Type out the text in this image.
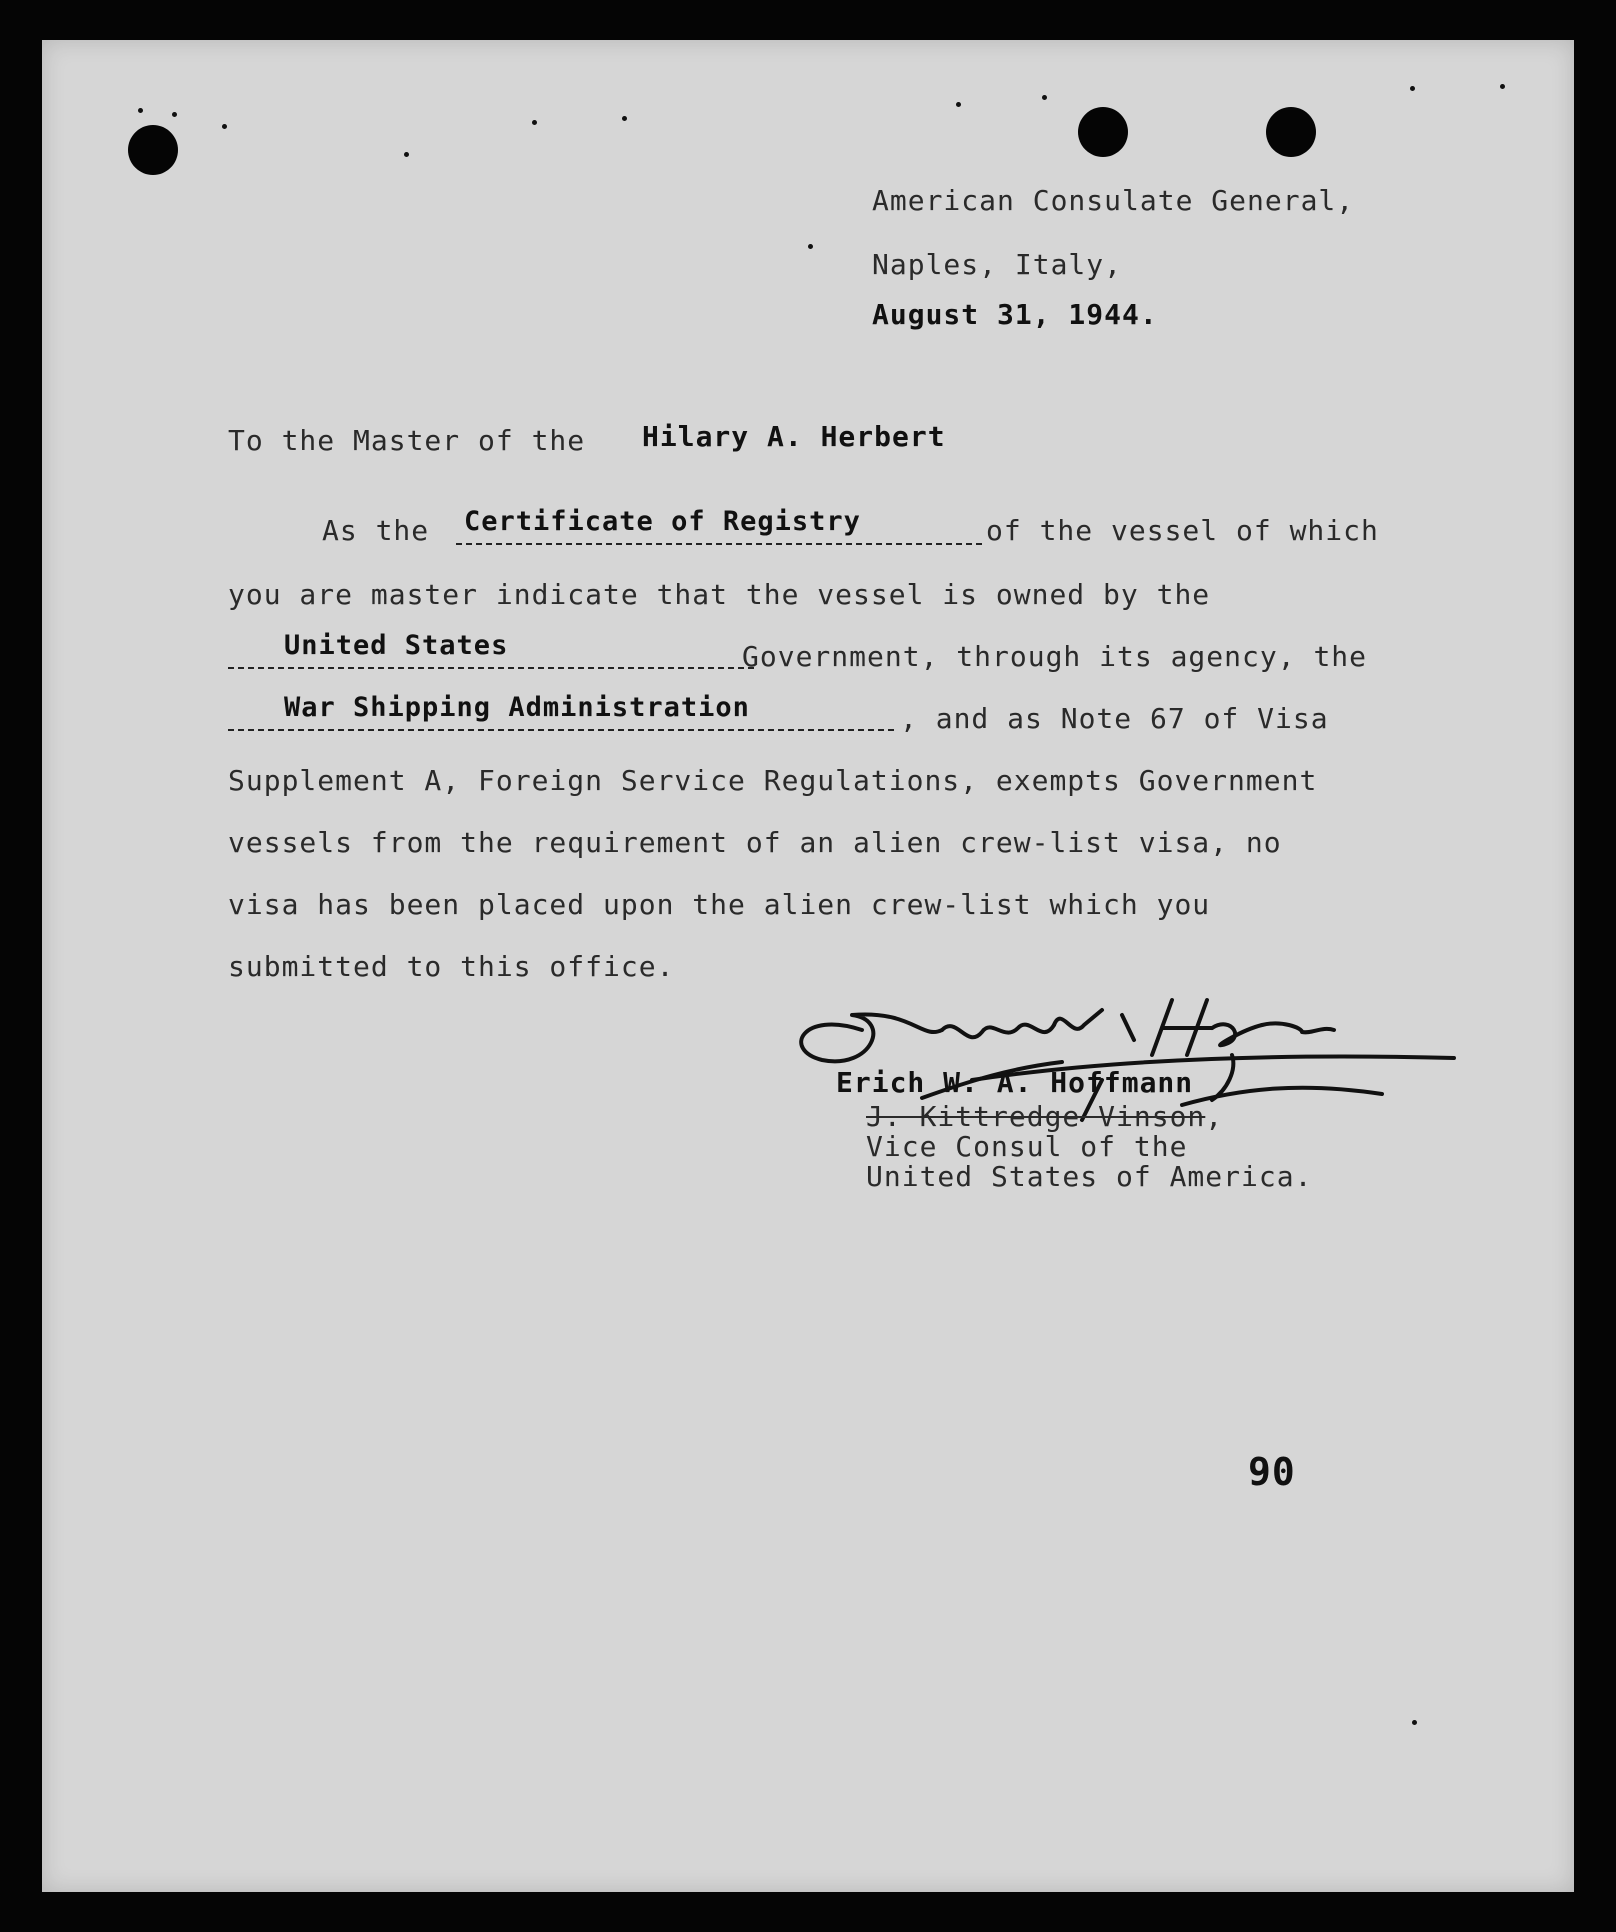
American Consulate General,
Naples, Italy,
August 31, 1944.
To the Master of the Hilary A. Herbert
As the Certificate of Registry	of the vessel of which
you are master indicate that the vessel is owned by the
United States	Government, through its agency, the
War Shipping Administration	, and as Note 67 of Visa
Supplement A, Foreign Service Regulations, exempts Government
vessels from the requirement of an alien crew-list visa, no
visa has been placed upon the alien crew-list which you
submitted to this office.
Erich W. A. Hoffmann
J. Kittredge Vinson,
Vice Consul of the
United States of America.
90
